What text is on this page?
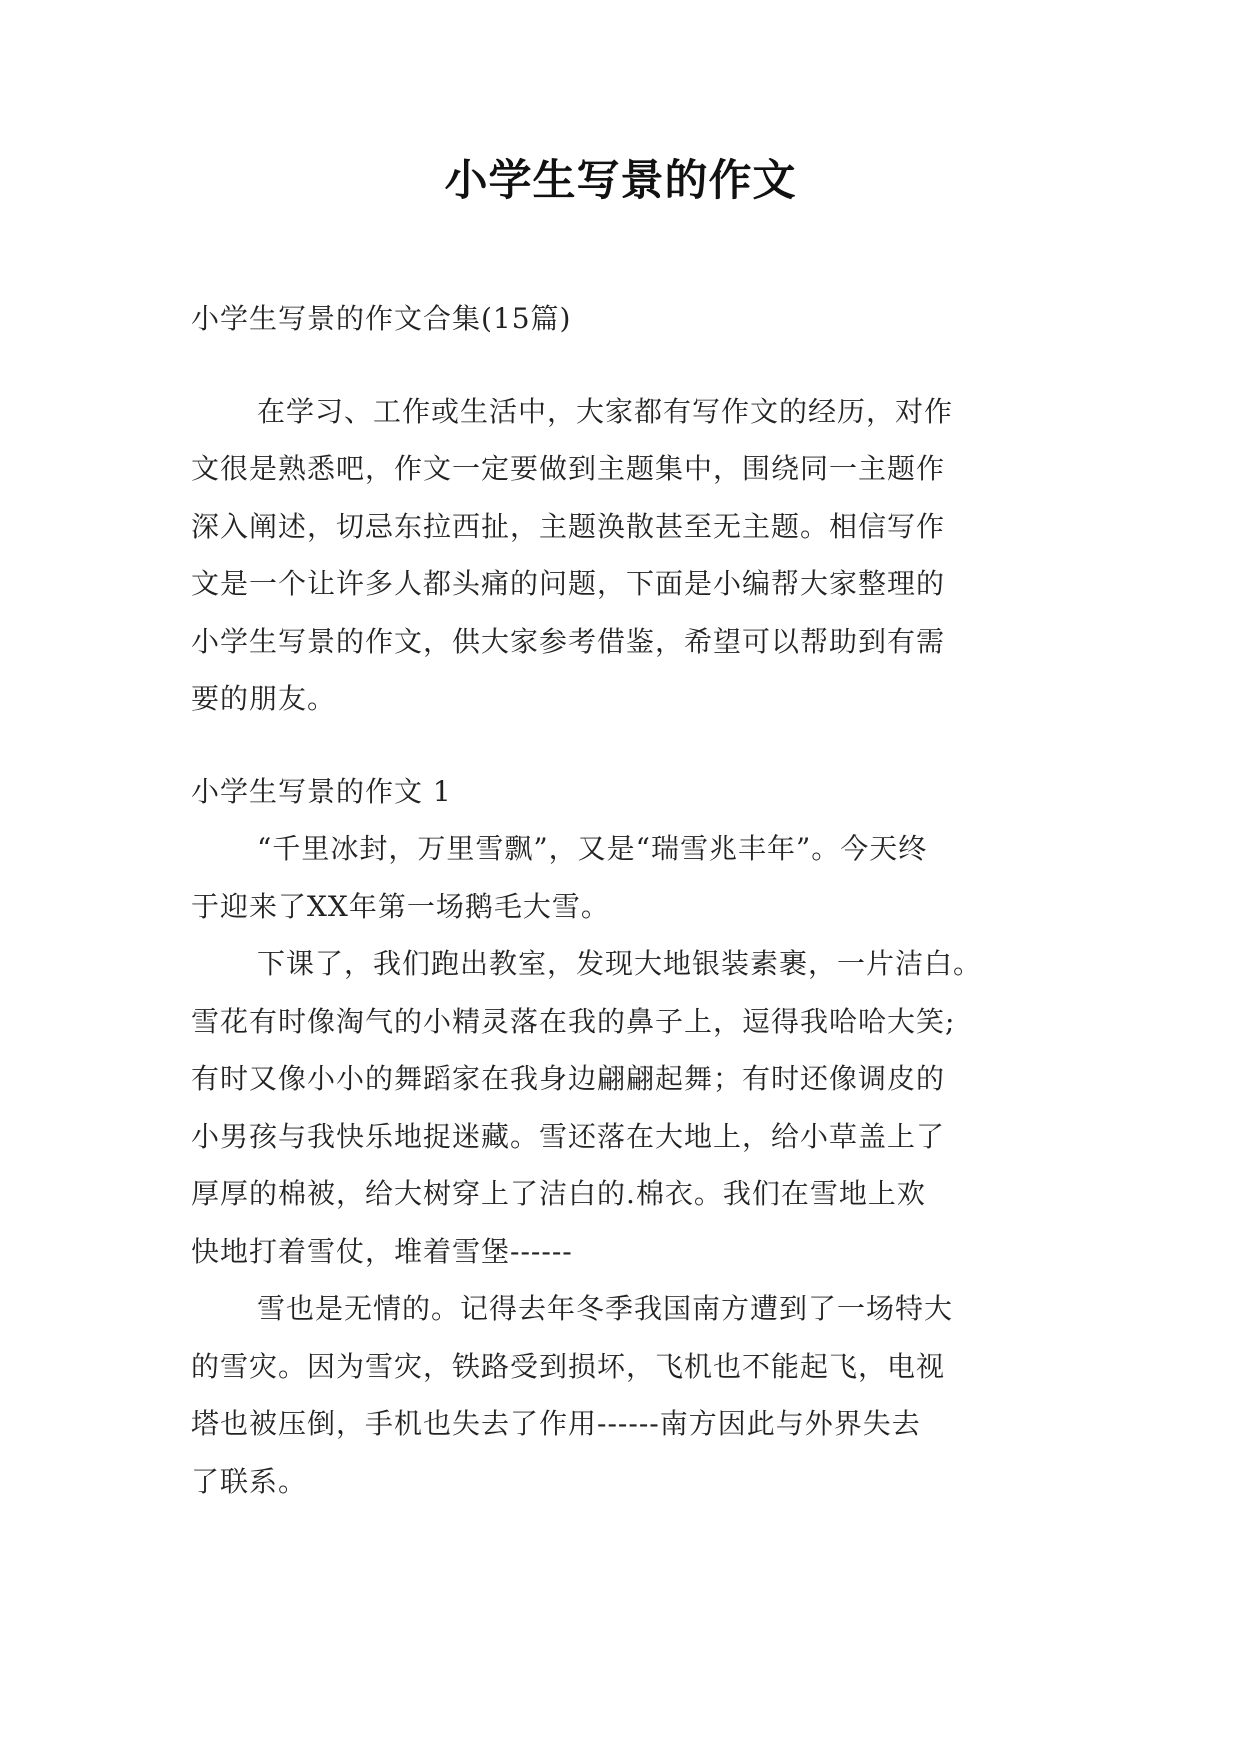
小学生写景的作文
小学生写景的作文合集(15篇)
在学习、工作或生活中，大家都有写作文的经历，对作
文很是熟悉吧，作文一定要做到主题集中，围绕同一主题作
深入阐述，切忌东拉西扯，主题涣散甚至无主题。相信写作
文是一个让许多人都头痛的问题，下面是小编帮大家整理的
小学生写景的作文，供大家参考借鉴，希望可以帮助到有需
要的朋友。
小学生写景的作文 1
“千里冰封，万里雪飘”，又是“瑞雪兆丰年”。今天终
于迎来了XX年第一场鹅毛大雪。
下课了，我们跑出教室，发现大地银装素裹，一片洁白。
雪花有时像淘气的小精灵落在我的鼻子上，逗得我哈哈大笑;
有时又像小小的舞蹈家在我身边翩翩起舞；有时还像调皮的
小男孩与我快乐地捉迷藏。雪还落在大地上，给小草盖上了
厚厚的棉被，给大树穿上了洁白的.棉衣。我们在雪地上欢
快地打着雪仗，堆着雪堡------
雪也是无情的。记得去年冬季我国南方遭到了一场特大
的雪灾。因为雪灾，铁路受到损坏，飞机也不能起飞，电视
塔也被压倒，手机也失去了作用------南方因此与外界失去
了联系。
